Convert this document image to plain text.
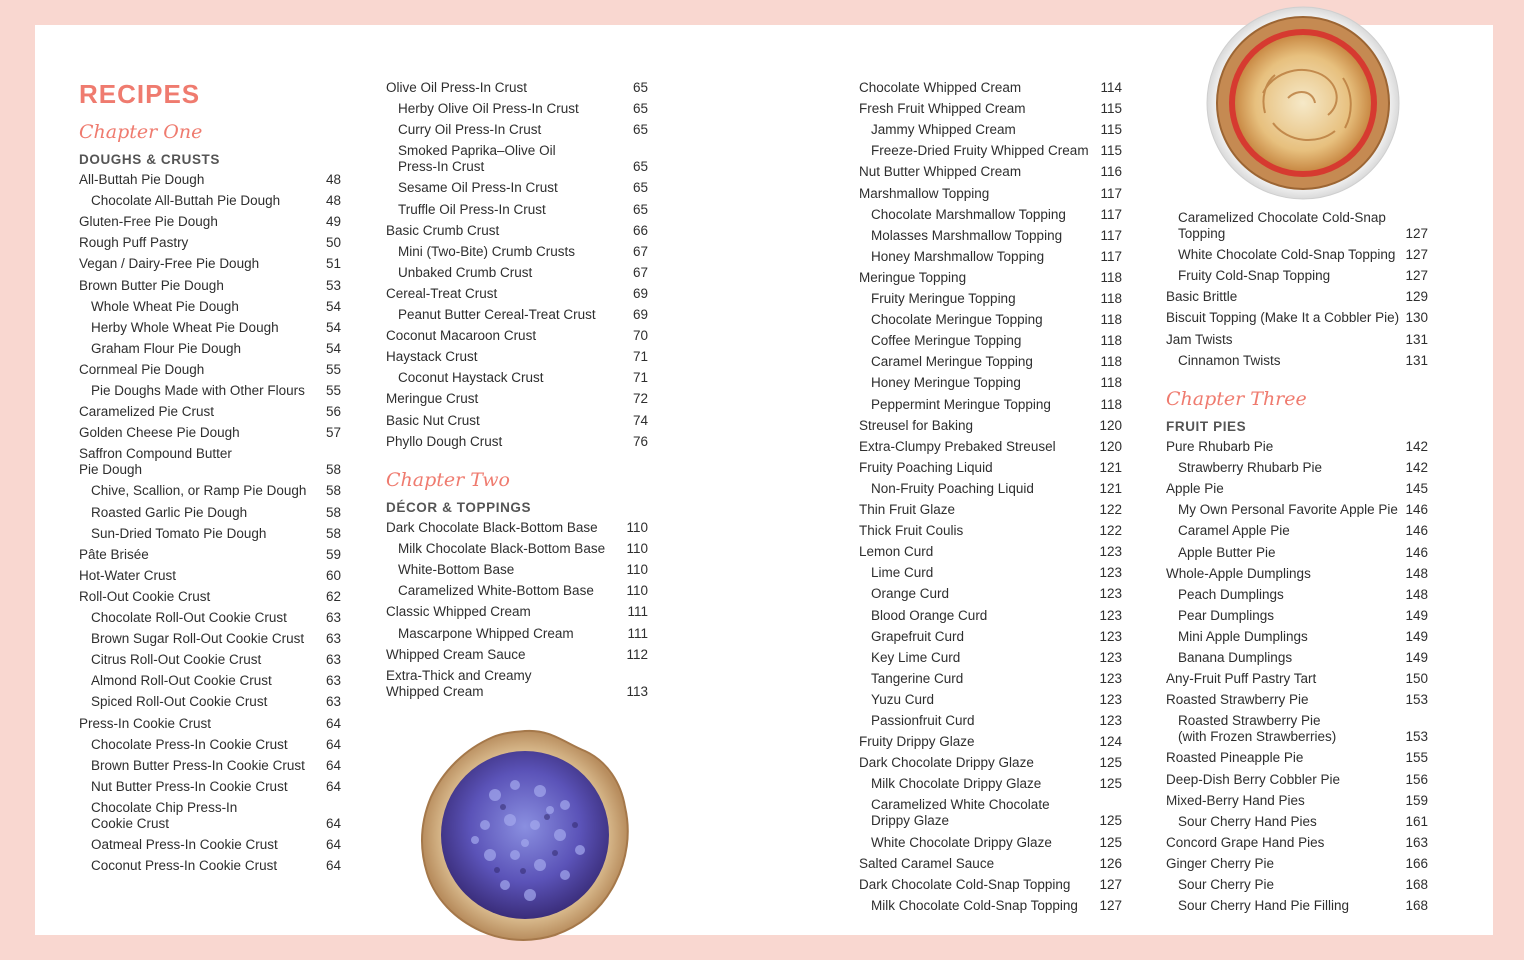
RECIPES
Chapter One
DOUGHS & CRUSTS
All-Buttah Pie Dough	48
Chocolate All-Buttah Pie Dough	48
Gluten-Free Pie Dough	49
Rough Puff Pastry	50
Vegan / Dairy-Free Pie Dough	51
Brown Butter Pie Dough	53
Whole Wheat Pie Dough	54
Herby Whole Wheat Pie Dough	54
Graham Flour Pie Dough	54
Cornmeal Pie Dough	55
Pie Doughs Made with Other Flours 55
Caramelized Pie Crust	56
Golden Cheese Pie Dough	57
Saffron Compound Butter
Pie Dough	58
Chive, Scallion, or Ramp Pie Dough 58
Roasted Garlic Pie Dough	58
Sun-Dried Tomato Pie Dough	58
Pâte Brisée	59
Hot-Water Crust	60
Roll-Out Cookie Crust	62
Chocolate Roll-Out Cookie Crust	63
Brown Sugar Roll-Out Cookie Crust 63
Citrus Roll-Out Cookie Crust	63
Almond Roll-Out Cookie Crust	63
Spiced Roll-Out Cookie Crust	63
Press-In Cookie Crust	64
Chocolate Press-In Cookie Crust	64
Brown Butter Press-In Cookie Crust 64
Nut Butter Press-In Cookie Crust	64
Chocolate Chip Press-In
Cookie Crust	64
Oatmeal Press-In Cookie Crust	64
Coconut Press-In Cookie Crust	64
Olive Oil Press-In Crust	65
Herby Olive Oil Press-In Crust	65
Curry Oil Press-In Crust	65
Smoked Paprika–Olive Oil
Press-In Crust	65
Sesame Oil Press-In Crust	65
Truffle Oil Press-In Crust	65
Basic Crumb Crust	66
Mini (Two-Bite) Crumb Crusts	67
Unbaked Crumb Crust	67
Cereal-Treat Crust	69
Peanut Butter Cereal-Treat Crust	69
Coconut Macaroon Crust	70
Haystack Crust	71
Coconut Haystack Crust	71
Meringue Crust	72
Basic Nut Crust	74
Phyllo Dough Crust	76
Chapter Two
DÉCOR & TOPPINGS
Dark Chocolate Black-Bottom Base 110
Milk Chocolate Black-Bottom Base 110
White-Bottom Base	110
Caramelized White-Bottom Base 110
Classic Whipped Cream	111
Mascarpone Whipped Cream	111
Whipped Cream Sauce	112
Extra-Thick and Creamy
Whipped Cream	113
Chocolate Whipped Cream	114
Fresh Fruit Whipped Cream	115
Jammy Whipped Cream	115
Freeze-Dried Fruity Whipped Cream 115
Nut Butter Whipped Cream	116
Marshmallow Topping	117
Chocolate Marshmallow Topping	117
Molasses Marshmallow Topping	117
Honey Marshmallow Topping	117
Meringue Topping	118
Fruity Meringue Topping	118
Chocolate Meringue Topping	118
Coffee Meringue Topping	118
Caramel Meringue Topping	118
Honey Meringue Topping	118
Peppermint Meringue Topping	118
Streusel for Baking	120
Extra-Clumpy Prebaked Streusel	120
Fruity Poaching Liquid	121
Non-Fruity Poaching Liquid	121
Thin Fruit Glaze	122
Thick Fruit Coulis	122
Lemon Curd	123
Lime Curd	123
Orange Curd	123
Blood Orange Curd	123
Grapefruit Curd	123
Key Lime Curd	123
Tangerine Curd	123
Yuzu Curd	123
Passionfruit Curd	123
Fruity Drippy Glaze	124
Dark Chocolate Drippy Glaze	125
Milk Chocolate Drippy Glaze	125
Caramelized White Chocolate
Drippy Glaze	125
White Chocolate Drippy Glaze	125
Salted Caramel Sauce	126
Dark Chocolate Cold-Snap Topping 127
Milk Chocolate Cold-Snap Topping 127
Caramelized Chocolate Cold-Snap
Topping	127
White Chocolate Cold-Snap Topping 127
Fruity Cold-Snap Topping	127
Basic Brittle	129
Biscuit Topping (Make It a Cobbler Pie) 130
Jam Twists	131
Cinnamon Twists	131
Chapter Three
FRUIT PIES
Pure Rhubarb Pie	142
Strawberry Rhubarb Pie	142
Apple Pie	145
My Own Personal Favorite Apple Pie 146
Caramel Apple Pie	146
Apple Butter Pie	146
Whole-Apple Dumplings	148
Peach Dumplings	148
Pear Dumplings	149
Mini Apple Dumplings	149
Banana Dumplings	149
Any-Fruit Puff Pastry Tart	150
Roasted Strawberry Pie	153
Roasted Strawberry Pie
(with Frozen Strawberries)	153
Roasted Pineapple Pie	155
Deep-Dish Berry Cobbler Pie	156
Mixed-Berry Hand Pies	159
Sour Cherry Hand Pies	161
Concord Grape Hand Pies	163
Ginger Cherry Pie	166
Sour Cherry Pie	168
Sour Cherry Hand Pie Filling	168
